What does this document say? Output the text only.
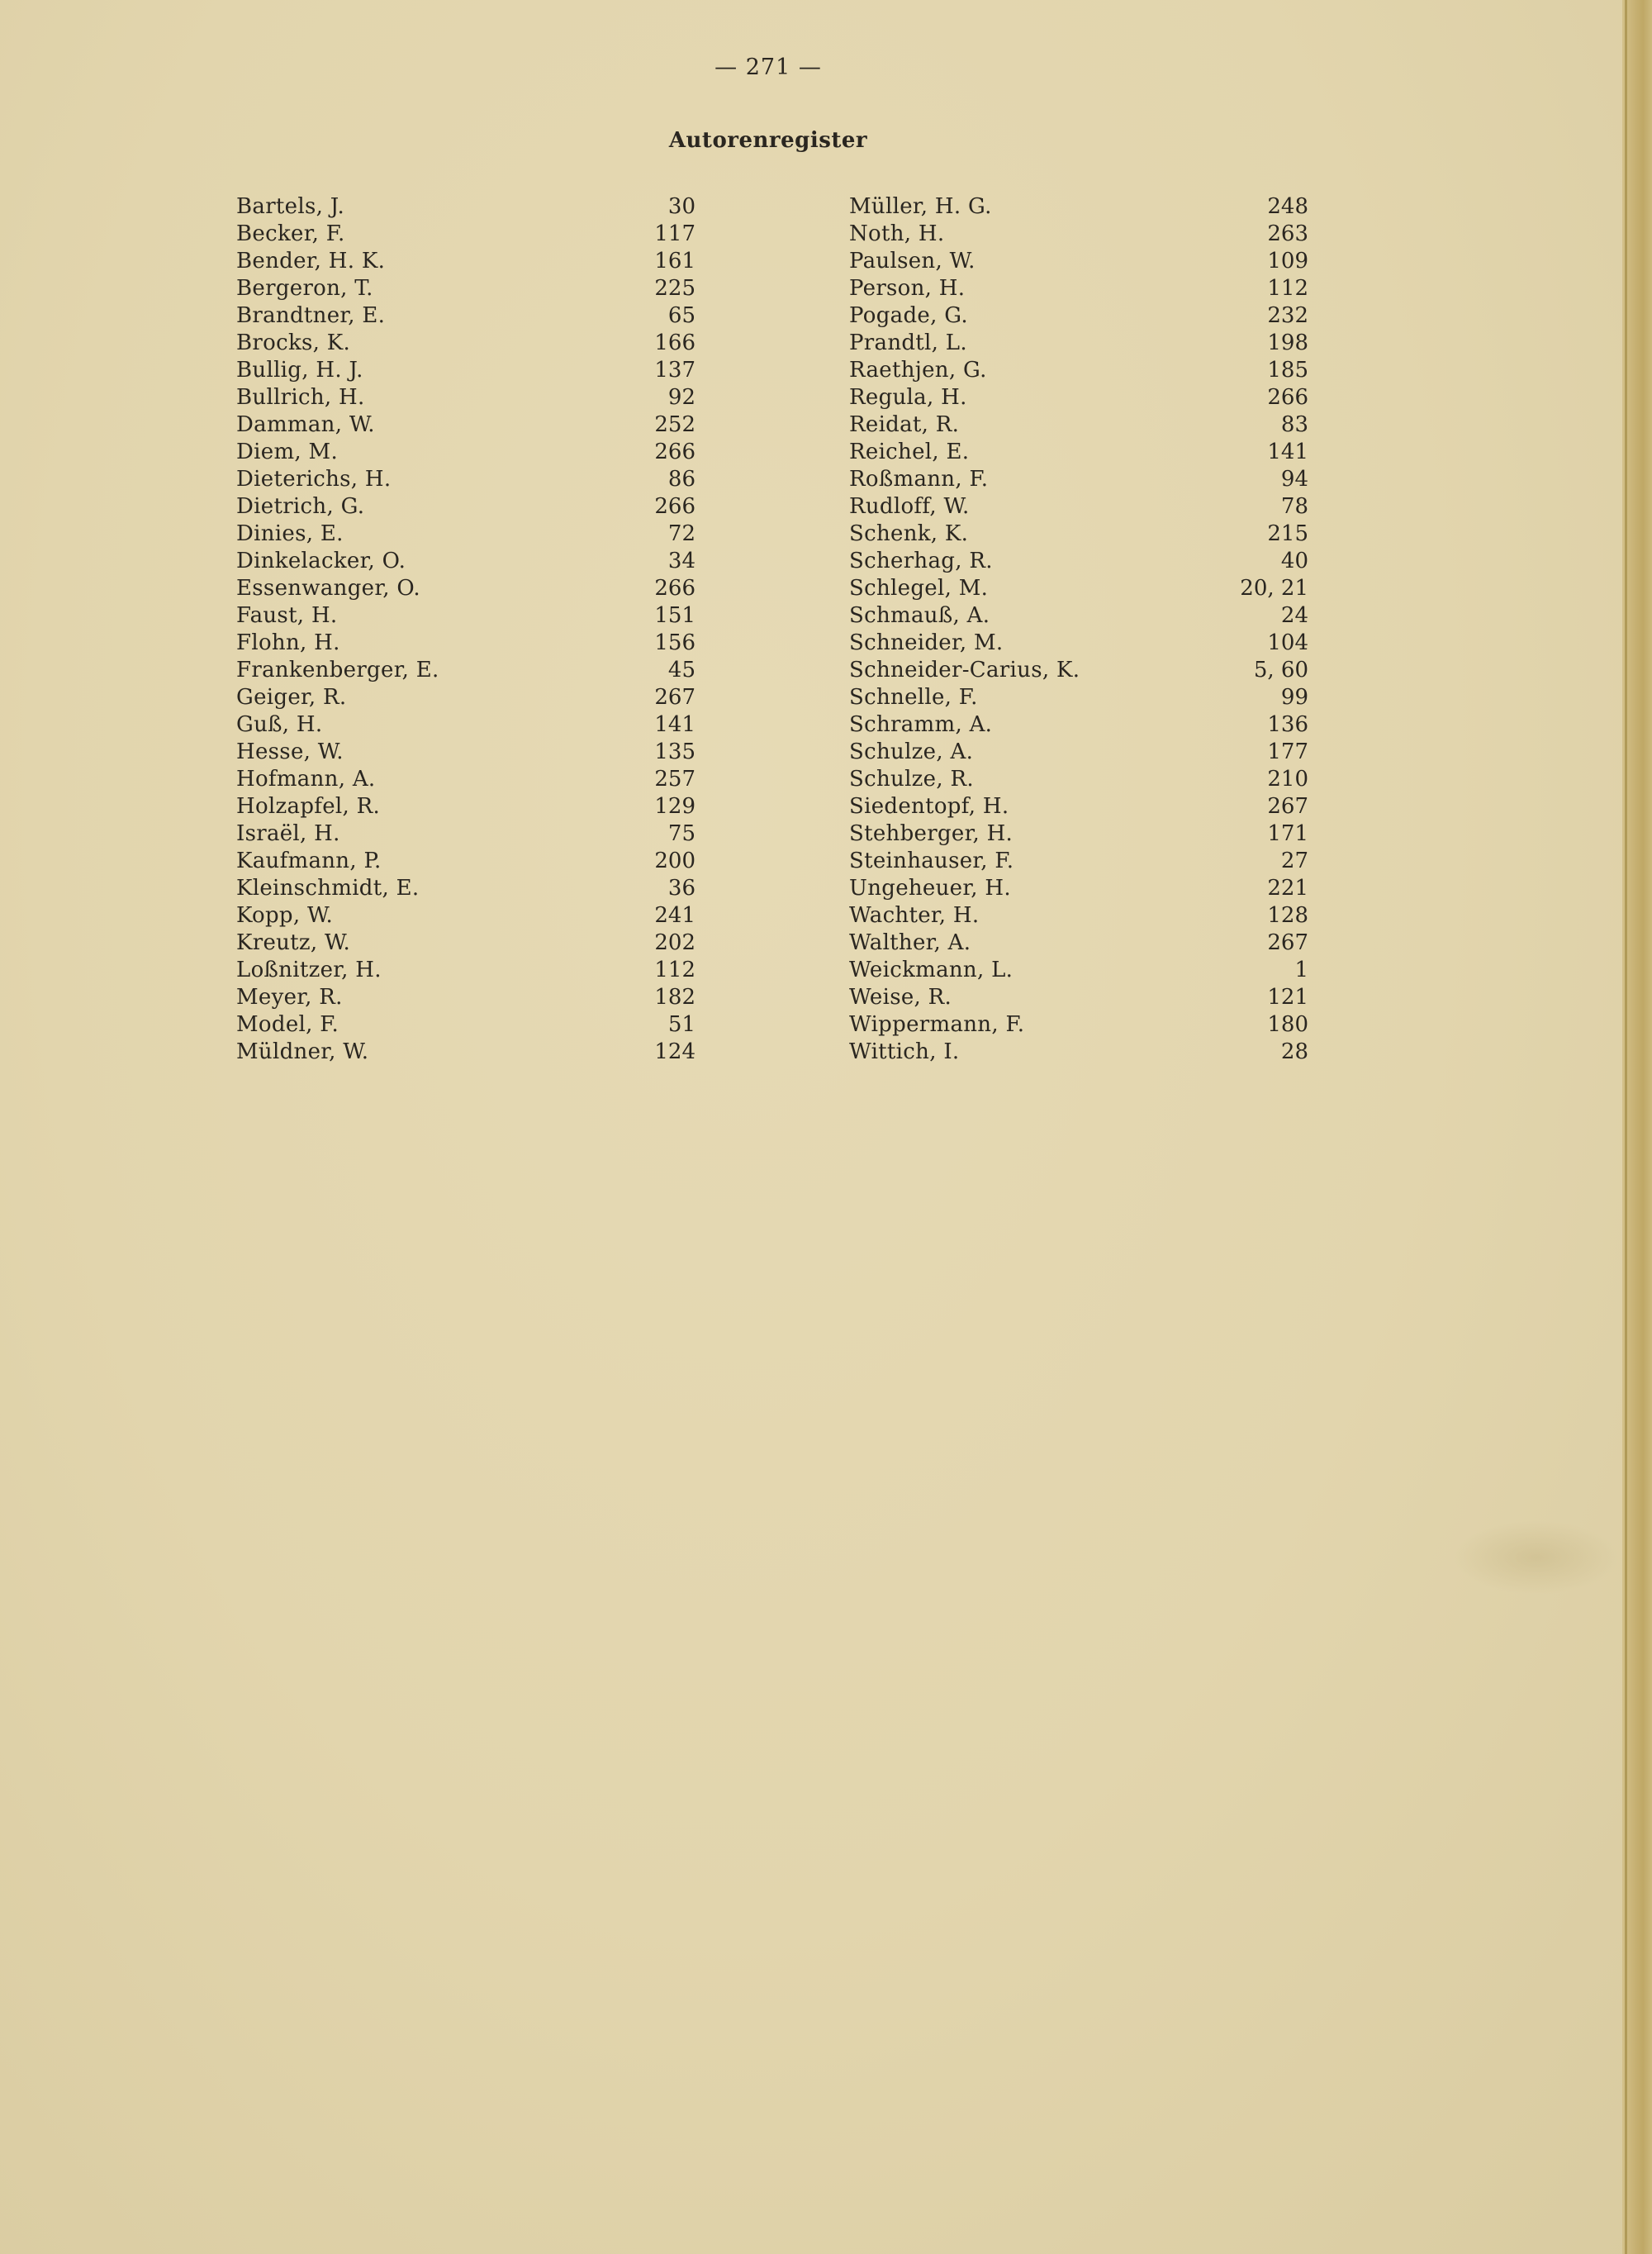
— 271 —
Autorenregister
Bartels, J.	30
Becker, F.	117
Bender, H. K.	161
Bergeron, T.	225
Brandtner, E.	65
Brocks, K.	166
Bullig, H. J.	137
Bullrich, H.	92
Damman, W.	252
Diem, M.	266
Dieterichs, H.	86
Dietrich, G.	266
Dinies, E.	72
Dinkelacker, O.	34
Essenwanger, O.	266
Faust, H.	151
Flohn, H.	156
Frankenberger, E.	45
Geiger, R.	267
Guß, H.	141
Hesse, W.	135
Hofmann, A.	257
Holzapfel, R.	129
Israël, H.	75
Kaufmann, P.	200
Kleinschmidt, E.	36
Kopp, W.	241
Kreutz, W.	202
Loßnitzer, H.	112
Meyer, R.	182
Model, F.	51
Müldner, W.	124
Müller, H. G.	248
Noth, H.	263
Paulsen, W.	109
Person, H.	112
Pogade, G.	232
Prandtl, L.	198
Raethjen, G.	185
Regula, H.	266
Reidat, R.	83
Reichel, E.	141
Roßmann, F.	94
Rudloff, W.	78
Schenk, K.	215
Scherhag, R.	40
Schlegel, M.	20, 21
Schmauß, A.	24
Schneider, M.	104
Schneider-Carius, K.	5, 60
Schnelle, F.	99
Schramm, A.	136
Schulze, A.	177
Schulze, R.	210
Siedentopf, H.	267
Stehberger, H.	171
Steinhauser, F.	27
Ungeheuer, H.	221
Wachter, H.	128
Walther, A.	267
Weickmann, L.	1
Weise, R.	121
Wippermann, F.	180
Wittich, I.	28
